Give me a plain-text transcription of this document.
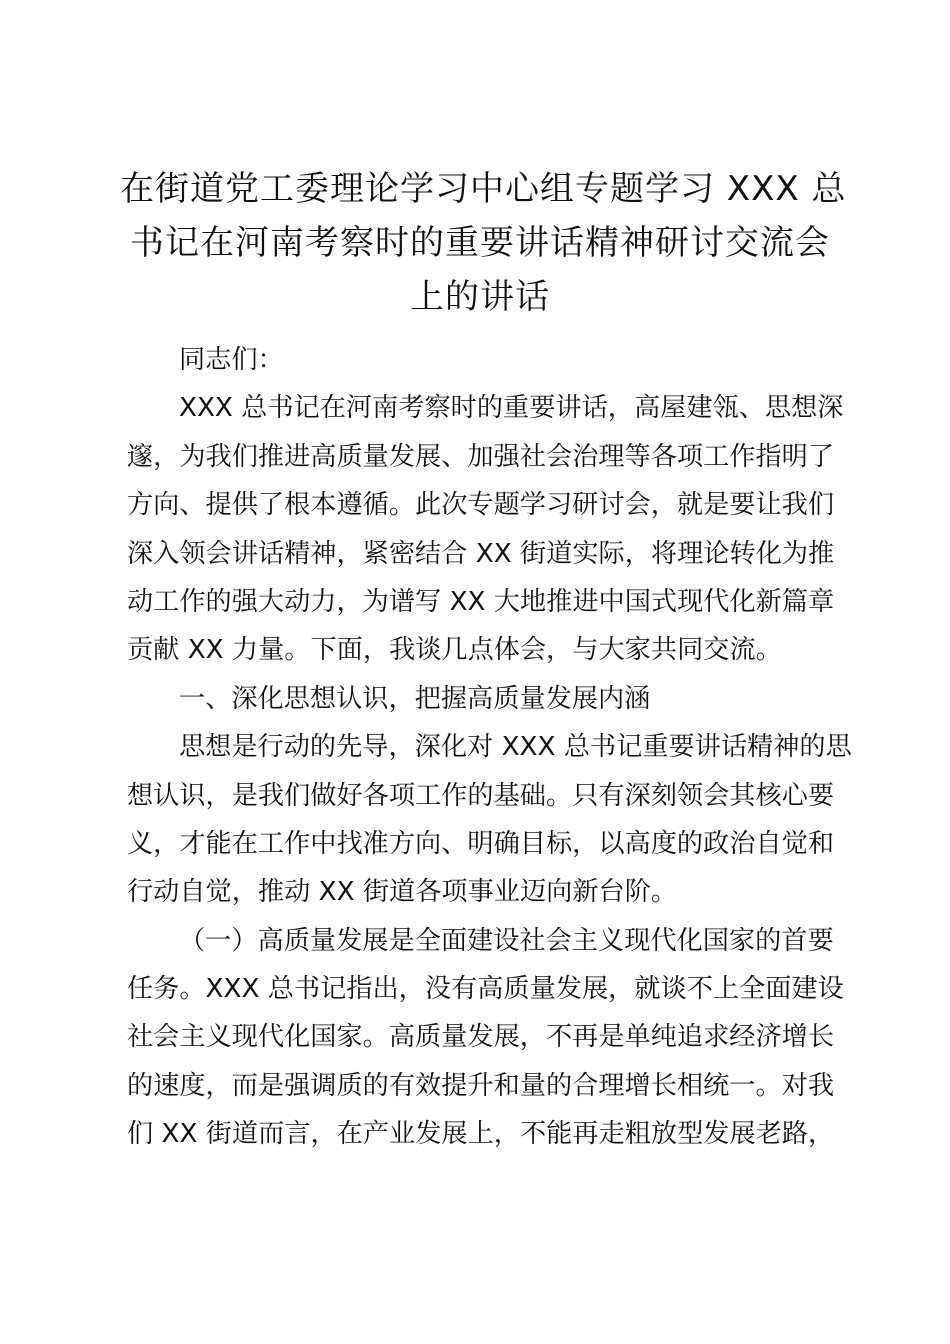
在街道党工委理论学习中心组专题学习 XXX 总
书记在河南考察时的重要讲话精神研讨交流会
上的讲话
同志们：
XXX 总书记在河南考察时的重要讲话，高屋建瓴、思想深
邃，为我们推进高质量发展、加强社会治理等各项工作指明了
方向、提供了根本遵循。此次专题学习研讨会，就是要让我们
深入领会讲话精神，紧密结合 XX 街道实际，将理论转化为推
动工作的强大动力，为谱写 XX 大地推进中国式现代化新篇章
贡献 XX 力量。下面，我谈几点体会，与大家共同交流。
一、深化思想认识，把握高质量发展内涵
思想是行动的先导，深化对 XXX 总书记重要讲话精神的思
想认识，是我们做好各项工作的基础。只有深刻领会其核心要
义，才能在工作中找准方向、明确目标，以高度的政治自觉和
行动自觉，推动 XX 街道各项事业迈向新台阶。
（一）高质量发展是全面建设社会主义现代化国家的首要
任务。XXX 总书记指出，没有高质量发展，就谈不上全面建设
社会主义现代化国家。高质量发展，不再是单纯追求经济增长
的速度，而是强调质的有效提升和量的合理增长相统一。对我
们 XX 街道而言，在产业发展上，不能再走粗放型发展老路，
